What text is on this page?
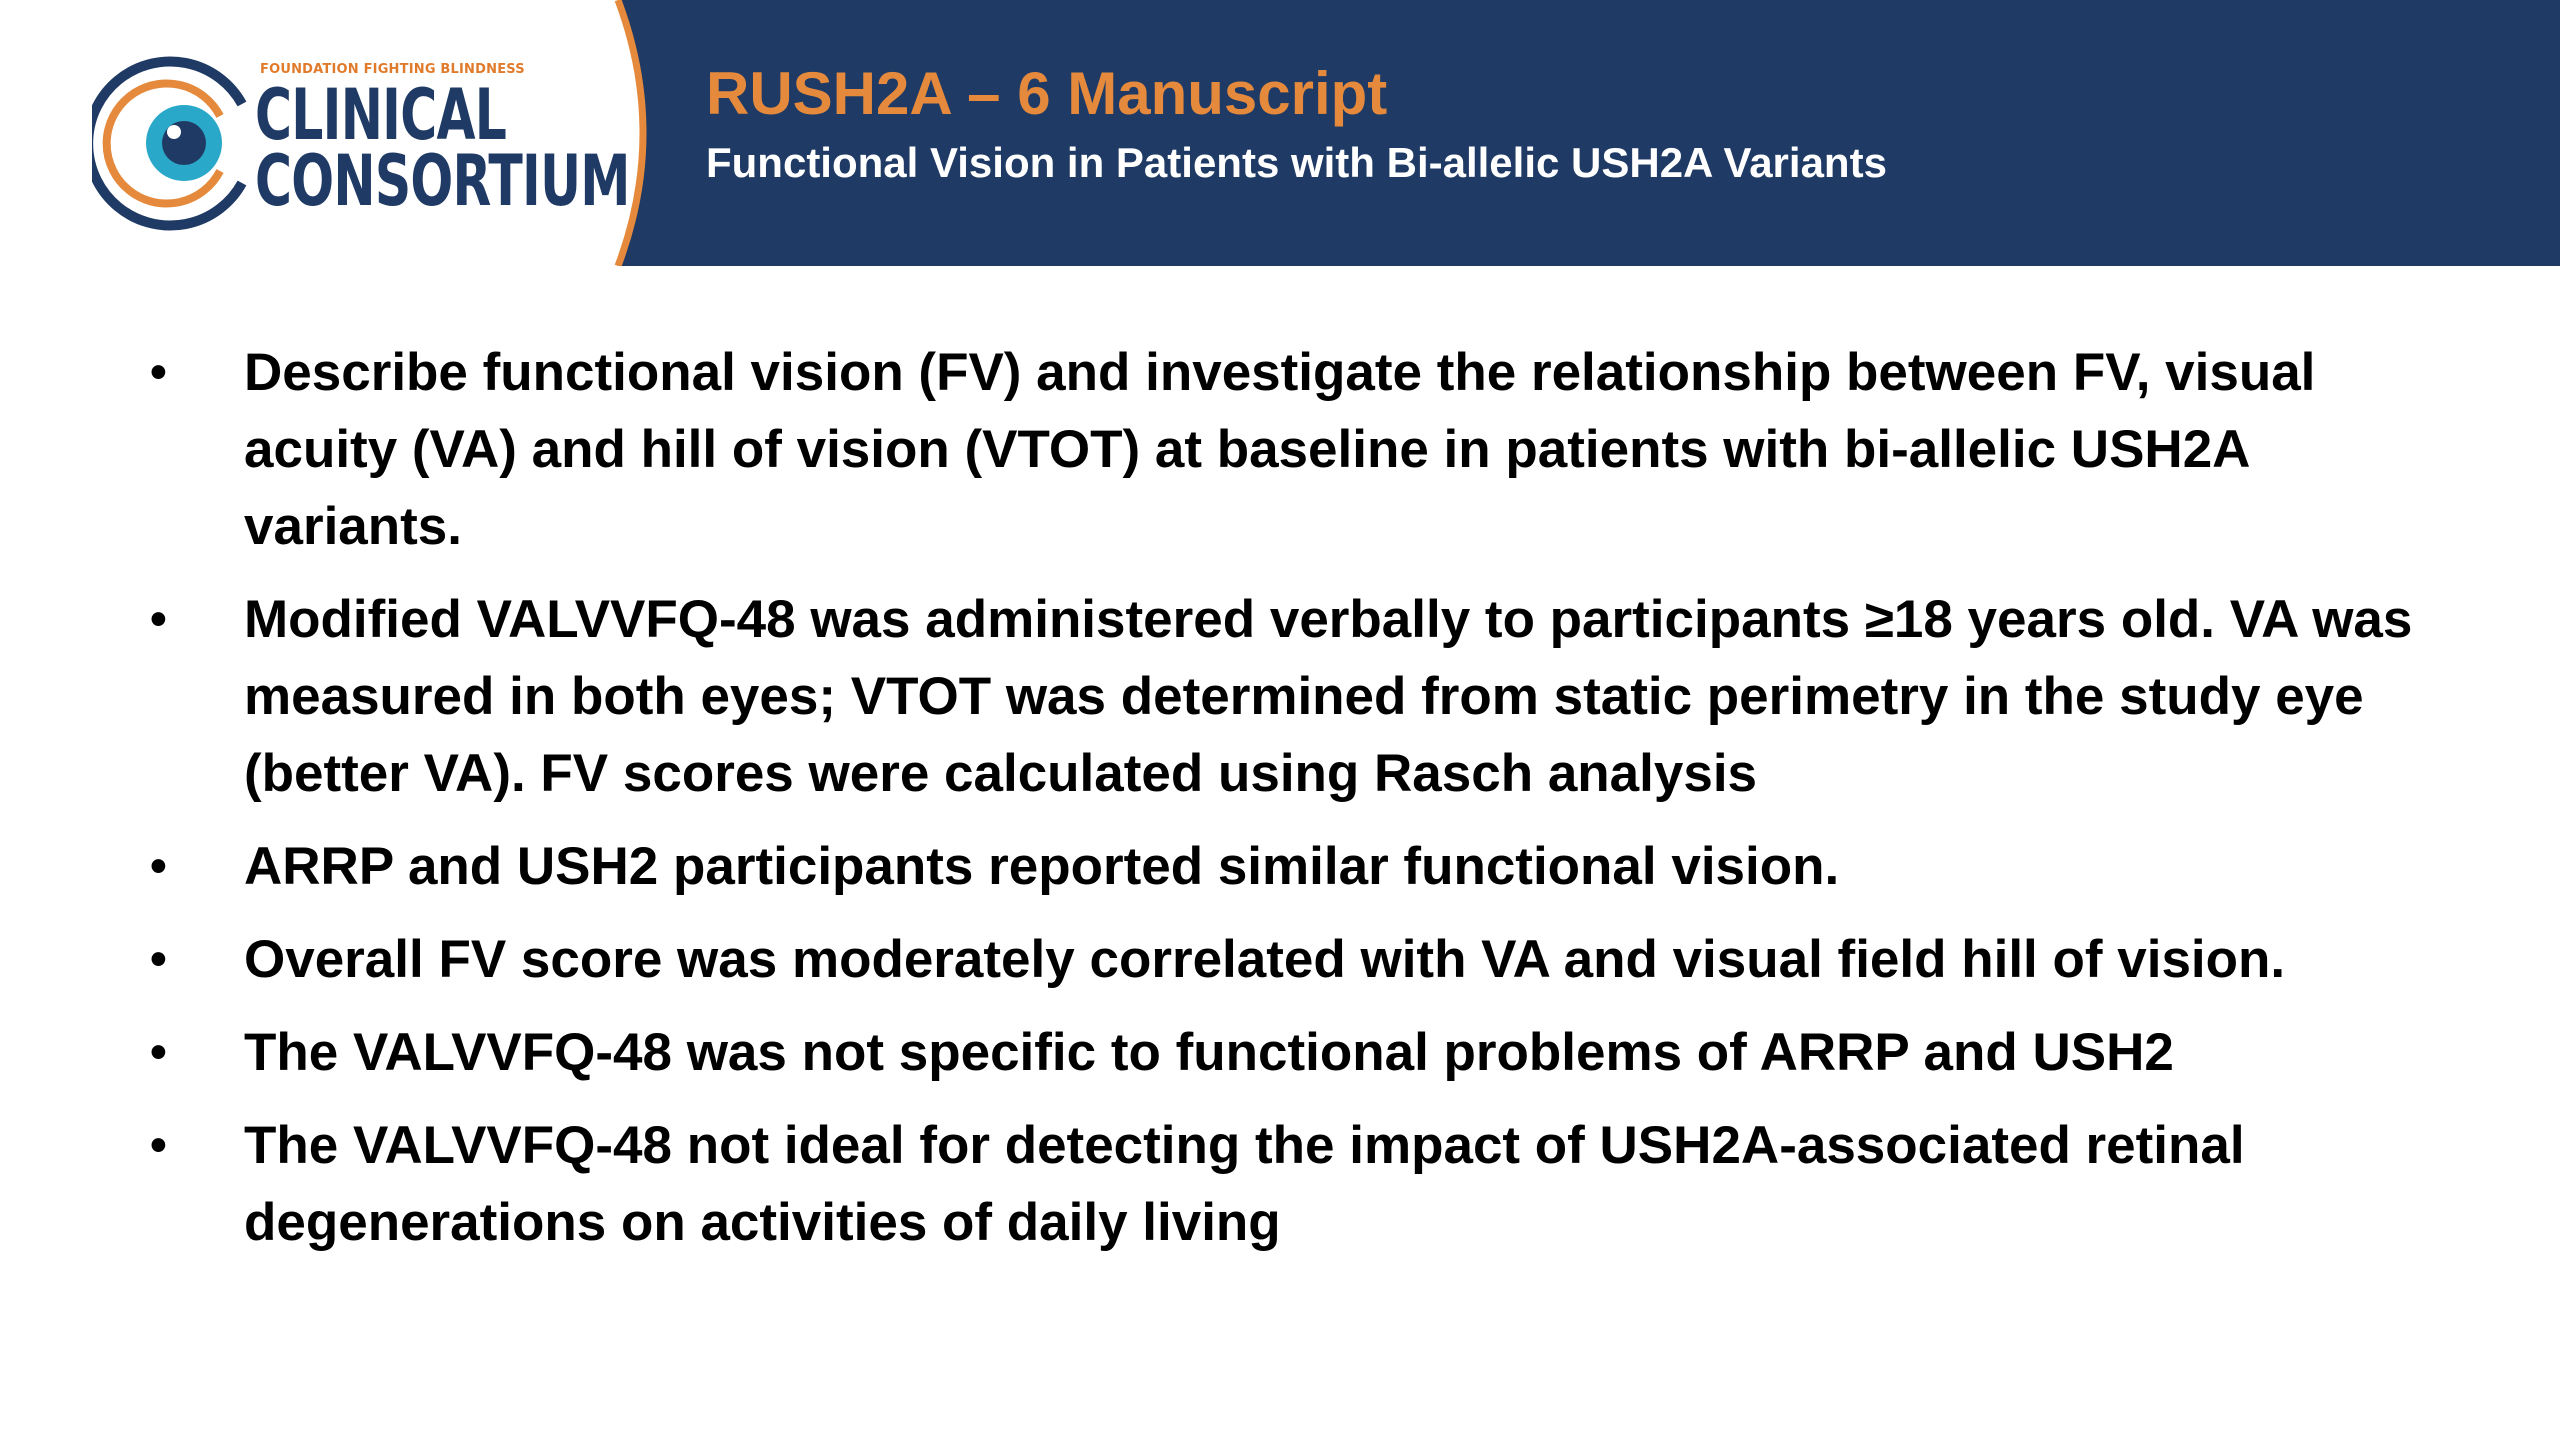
FOUNDATION FIGHTING BLINDNESS
CLINICAL
CONSORTIUM
RUSH2A – 6 Manuscript
Functional Vision in Patients with Bi-allelic USH2A Variants
• Describe functional vision (FV) and investigate the relationship between FV, visual acuity (VA) and hill of vision (VTOT) at baseline in patients with bi-allelic USH2A variants.
• Modified VALVVFQ-48 was administered verbally to participants ≥18 years old. VA was measured in both eyes; VTOT was determined from static perimetry in the study eye (better VA). FV scores were calculated using Rasch analysis
• ARRP and USH2 participants reported similar functional vision.
• Overall FV score was moderately correlated with VA and visual field hill of vision.
• The VALVVFQ-48 was not specific to functional problems of ARRP and USH2
• The VALVVFQ-48 not ideal for detecting the impact of USH2A-associated retinal degenerations on activities of daily living
